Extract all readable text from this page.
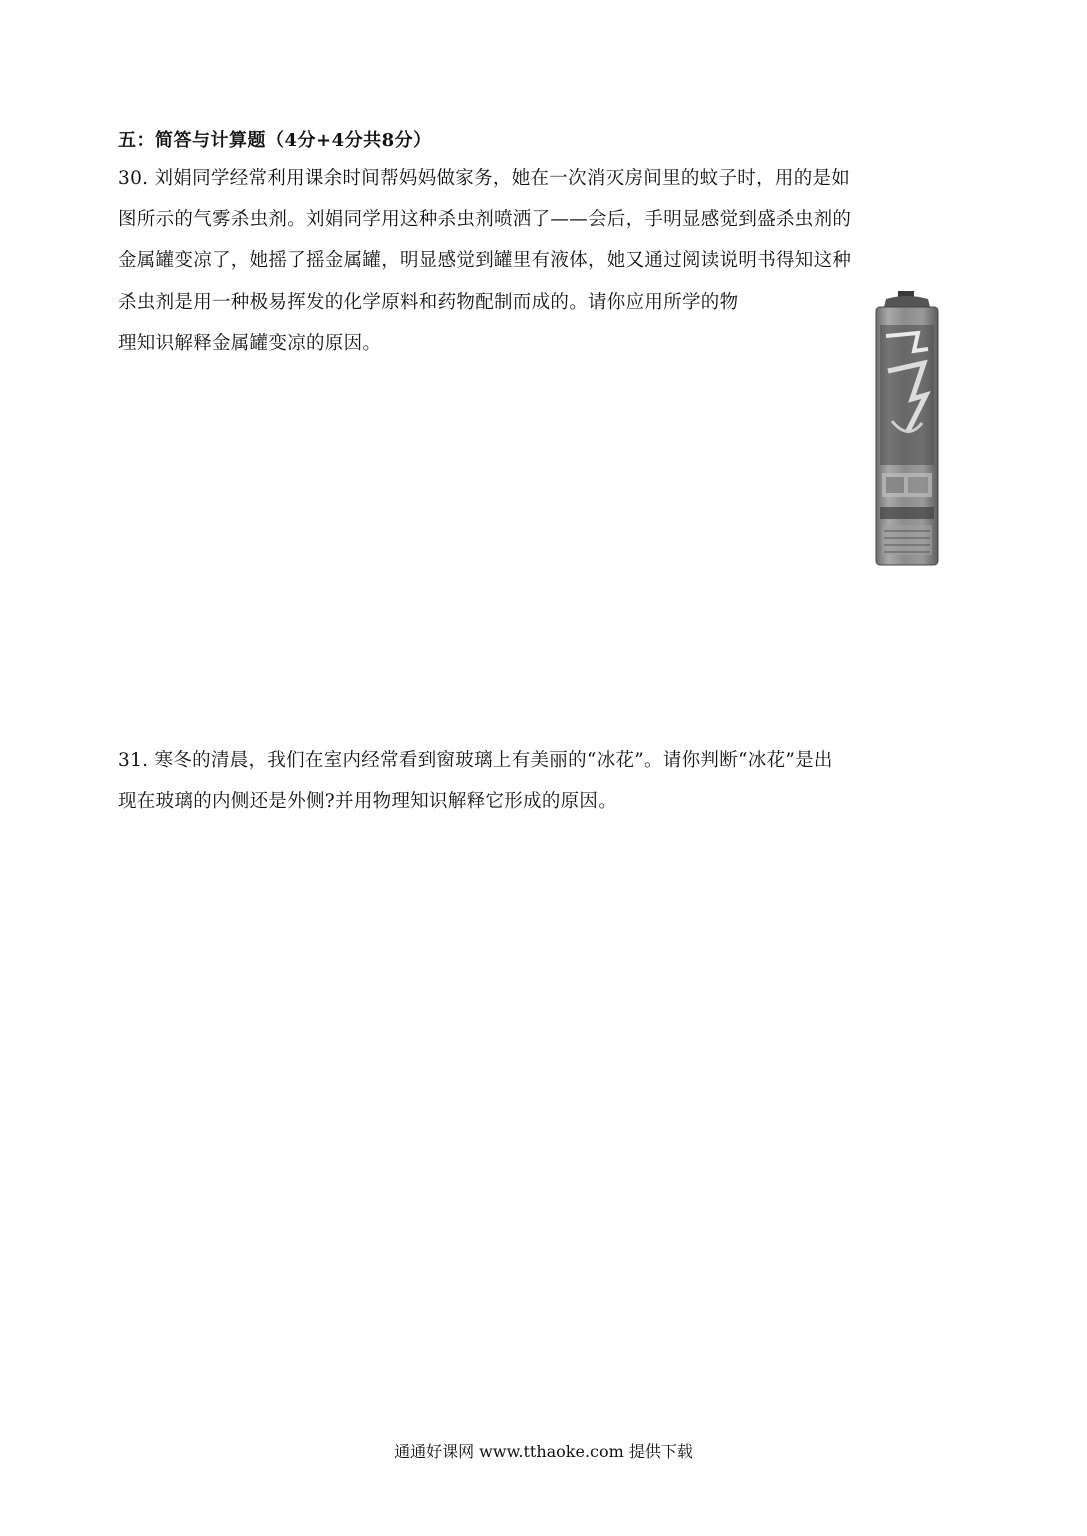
五：简答与计算题（4分+4分共8分）
30. 刘娟同学经常利用课余时间帮妈妈做家务，她在一次消灭房间里的蚊子时，用的是如
图所示的气雾杀虫剂。刘娟同学用这种杀虫剂喷洒了——会后，手明显感觉到盛杀虫剂的
金属罐变凉了，她摇了摇金属罐，明显感觉到罐里有液体，她又通过阅读说明书得知这种
杀虫剂是用一种极易挥发的化学原料和药物配制而成的。请你应用所学的物
理知识解释金属罐变凉的原因。
31. 寒冬的清晨，我们在室内经常看到窗玻璃上有美丽的“冰花”。请你判断“冰花”是出
现在玻璃的内侧还是外侧?并用物理知识解释它形成的原因。
通通好课网 www.tthaoke.com 提供下载
